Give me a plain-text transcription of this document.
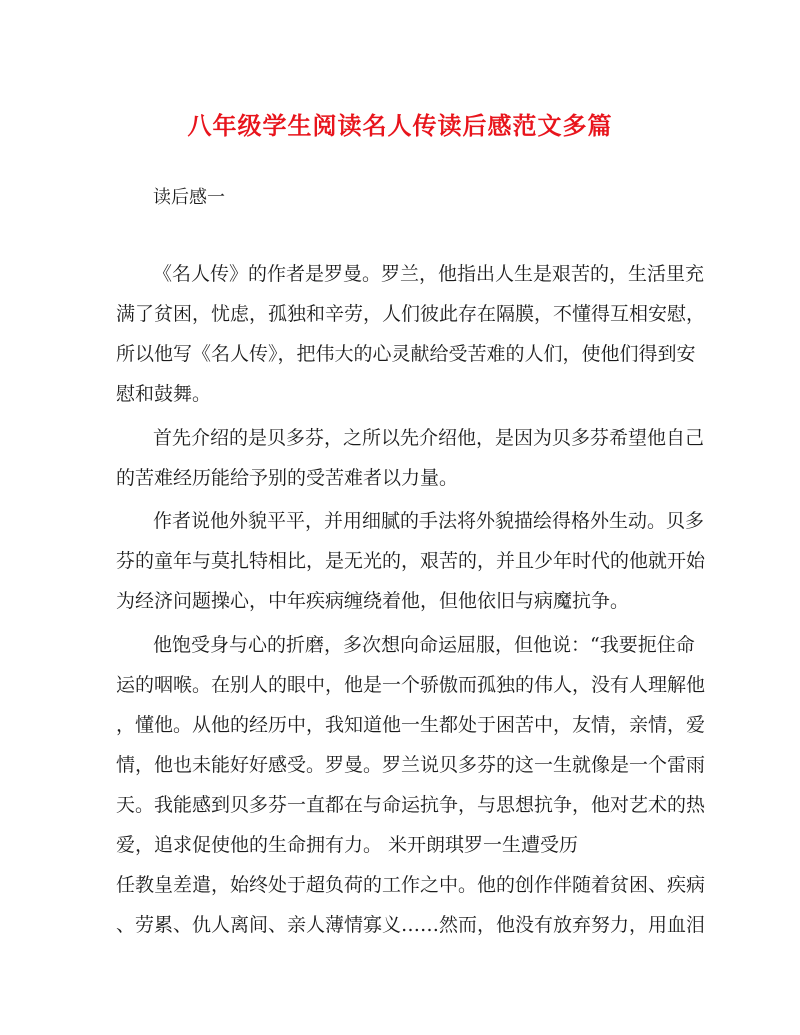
八年级学生阅读名人传读后感范文多篇
读后感一

《名人传》的作者是罗曼。罗兰，他指出人生是艰苦的，生活里充

满了贫困，忧虑，孤独和辛劳，人们彼此存在隔膜，不懂得互相安慰，

所以他写《名人传》，把伟大的心灵献给受苦难的人们，使他们得到安

慰和鼓舞。

首先介绍的是贝多芬，之所以先介绍他，是因为贝多芬希望他自己

的苦难经历能给予别的受苦难者以力量。

作者说他外貌平平，并用细腻的手法将外貌描绘得格外生动。贝多

芬的童年与莫扎特相比，是无光的，艰苦的，并且少年时代的他就开始

为经济问题操心，中年疾病缠绕着他，但他依旧与病魔抗争。

他饱受身与心的折磨，多次想向命运屈服，但他说：“我要扼住命

运的咽喉。在别人的眼中，他是一个骄傲而孤独的伟人，没有人理解他

，懂他。从他的经历中，我知道他一生都处于困苦中，友情，亲情，爱

情，他也未能好好感受。罗曼。罗兰说贝多芬的这一生就像是一个雷雨

天。我能感到贝多芬一直都在与命运抗争，与思想抗争，他对艺术的热

爱，追求促使他的生命拥有力。 米开朗琪罗一生遭受历

任教皇差遣，始终处于超负荷的工作之中。他的创作伴随着贫困、疾病

、劳累、仇人离间、亲人薄情寡义……然而，他没有放弃努力，用血泪
